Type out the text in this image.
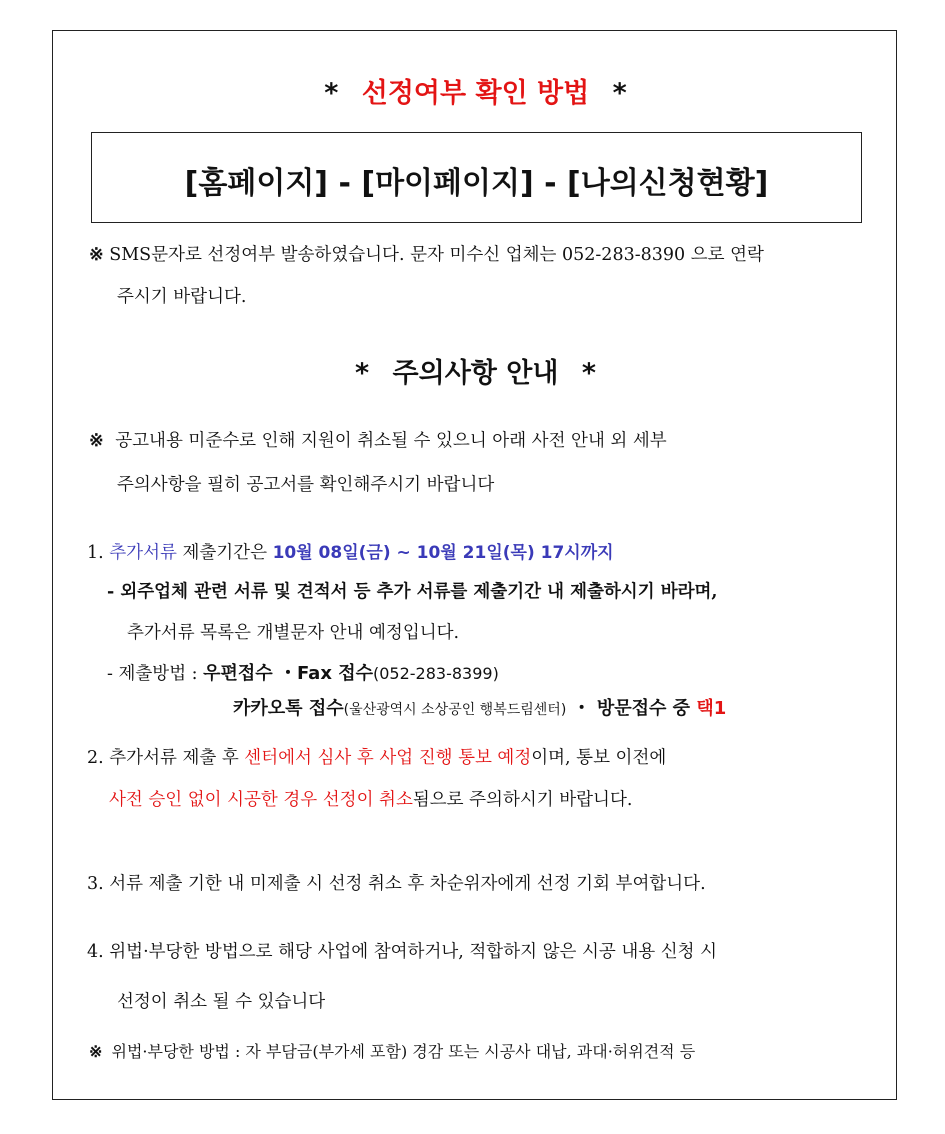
* 선정여부 확인 방법 *
[홈페이지] - [마이페이지] - [나의신청현황]
※ SMS문자로 선정여부 발송하였습니다. 문자 미수신 업체는 052-283-8390 으로 연락
주시기 바랍니다.
* 주의사항 안내 *
※ 공고내용 미준수로 인해 지원이 취소될 수 있으니 아래 사전 안내 외 세부
주의사항을 필히 공고서를 확인해주시기 바랍니다
1. 추가서류 제출기간은 10월 08일(금) ~ 10월 21일(목) 17시까지
- 외주업체 관련 서류 및 견적서 등 추가 서류를 제출기간 내 제출하시기 바라며,
추가서류 목록은 개별문자 안내 예정입니다.
- 제출방법 : 우편접수 ・Fax 접수(052-283-8399)
카카오톡 접수(울산광역시 소상공인 행복드림센터) ・ 방문접수 중 택1
2. 추가서류 제출 후 센터에서 심사 후 사업 진행 통보 예정이며, 통보 이전에
사전 승인 없이 시공한 경우 선정이 취소됨으로 주의하시기 바랍니다.
3. 서류 제출 기한 내 미제출 시 선정 취소 후 차순위자에게 선정 기회 부여합니다.
4. 위법·부당한 방법으로 해당 사업에 참여하거나, 적합하지 않은 시공 내용 신청 시
선정이 취소 될 수 있습니다
※ 위법·부당한 방법 : 자 부담금(부가세 포함) 경감 또는 시공사 대납, 과대·허위견적 등
